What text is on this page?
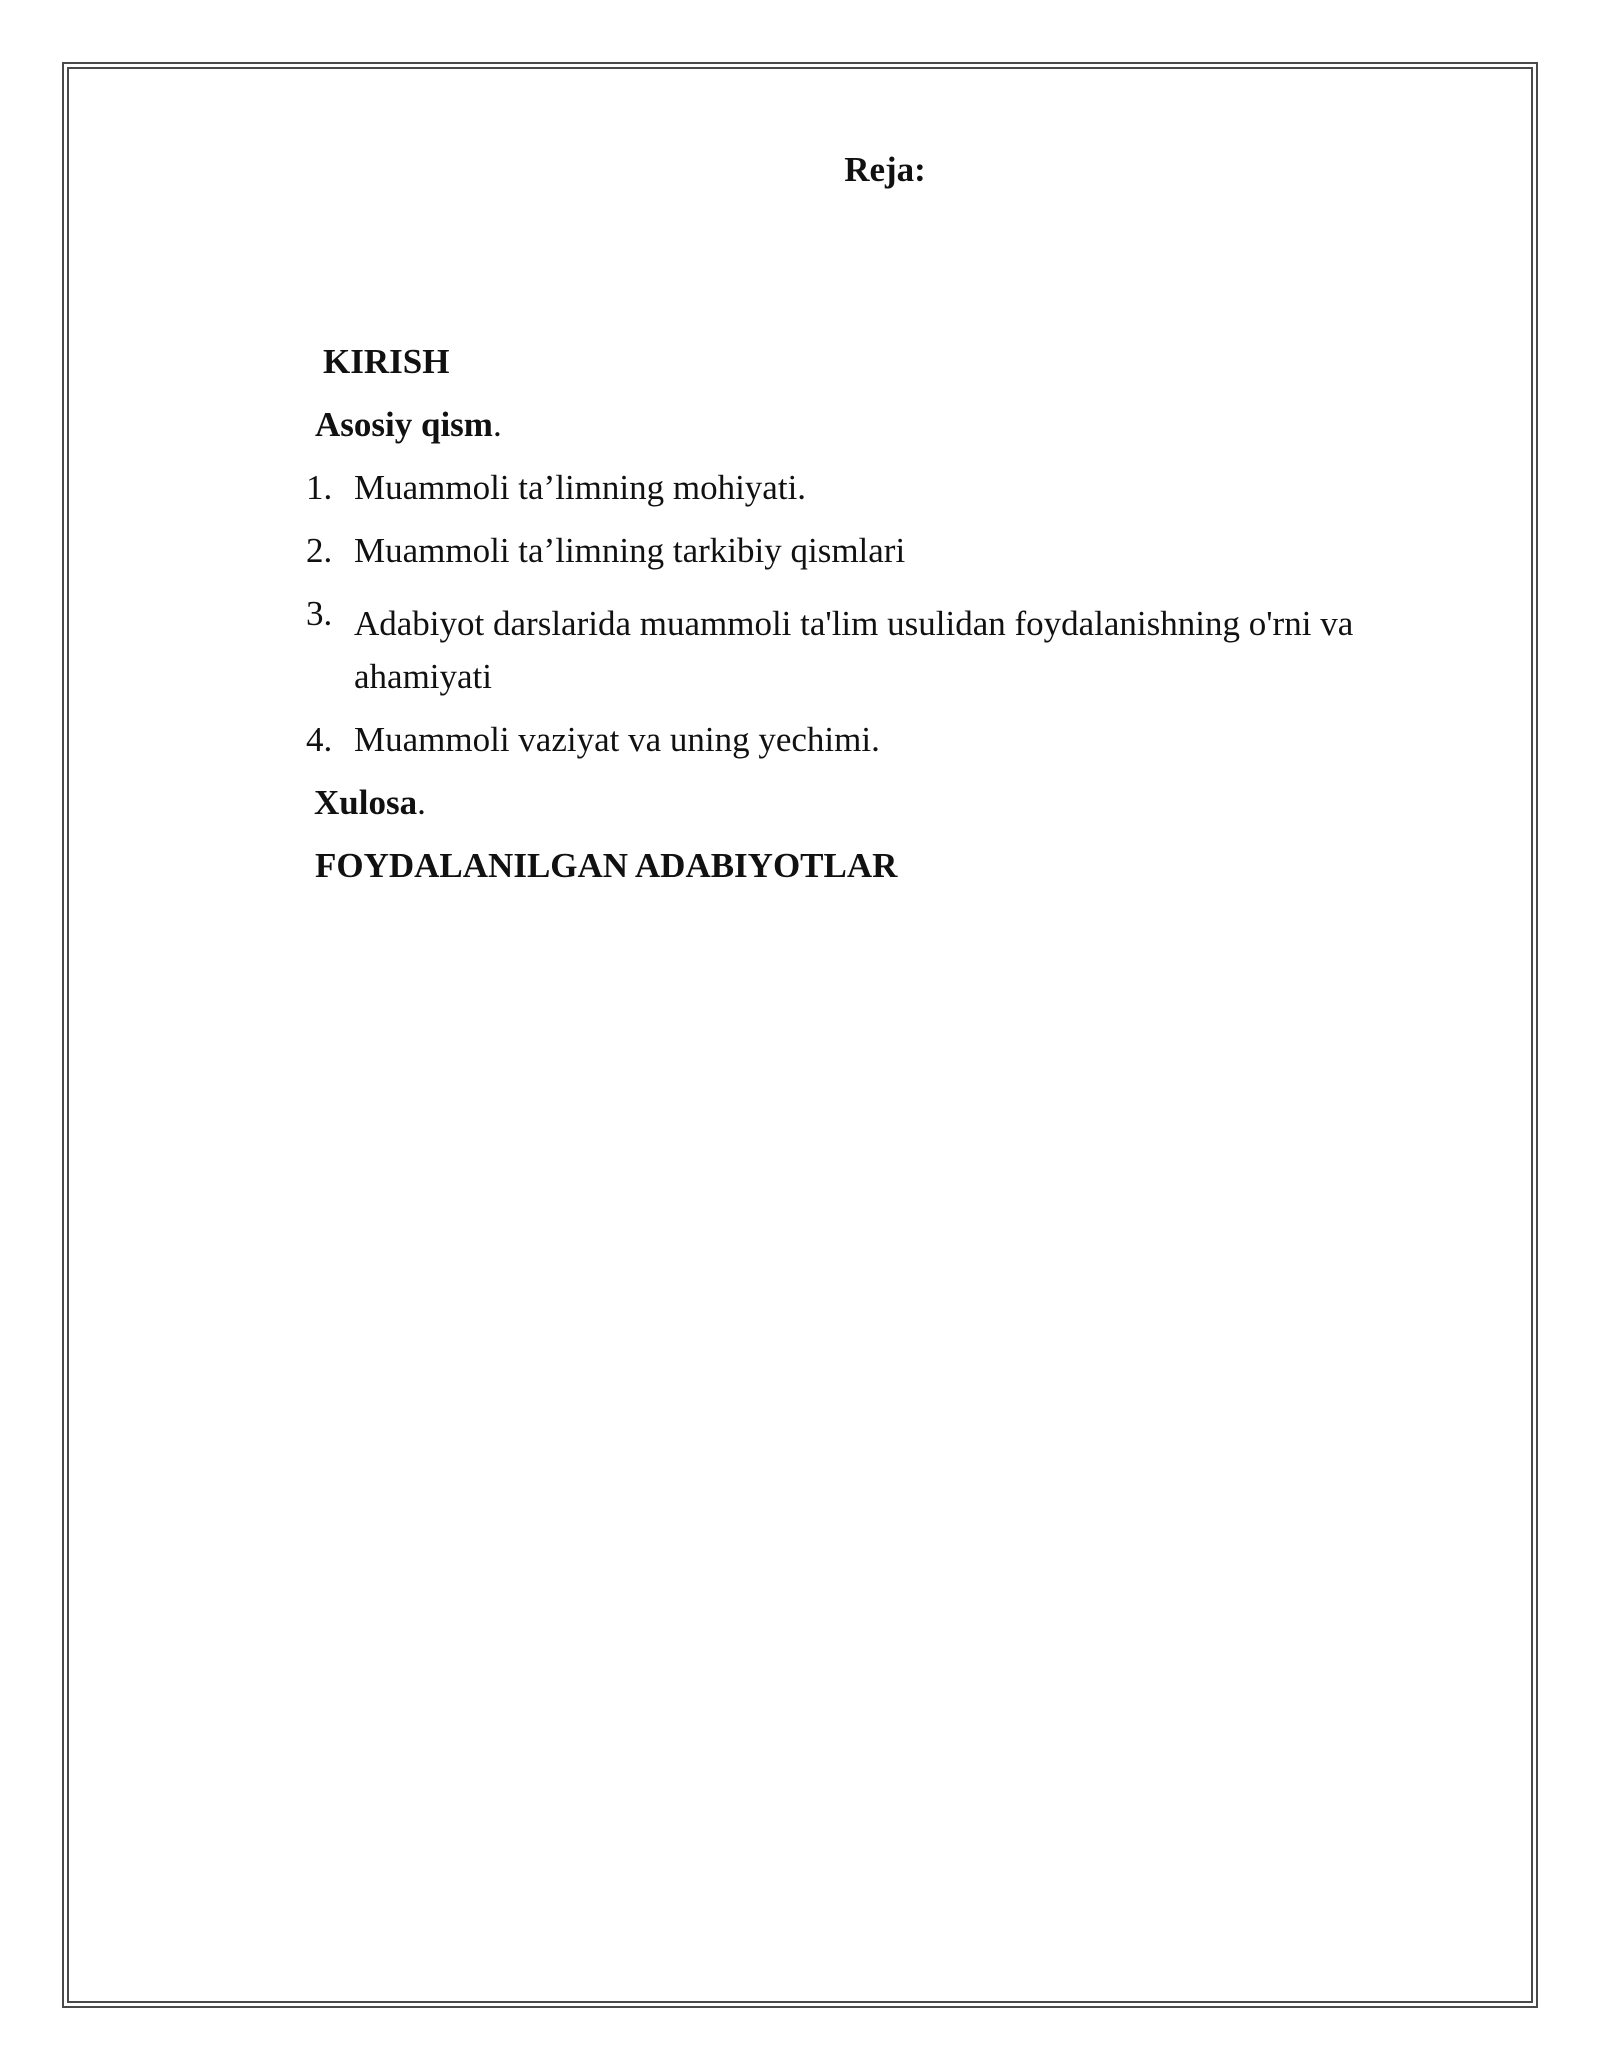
Reja:
KIRISH
Asosiy qism.
1. Muammoli ta’limning mohiyati.
2. Muammoli ta’limning tarkibiy qismlari
3. Adabiyot darslarida muammoli ta'lim usulidan foydalanishning o'rni va
ahamiyati
4. Muammoli vaziyat va uning yechimi.
Xulosa.
FOYDALANILGAN ADABIYOTLAR
